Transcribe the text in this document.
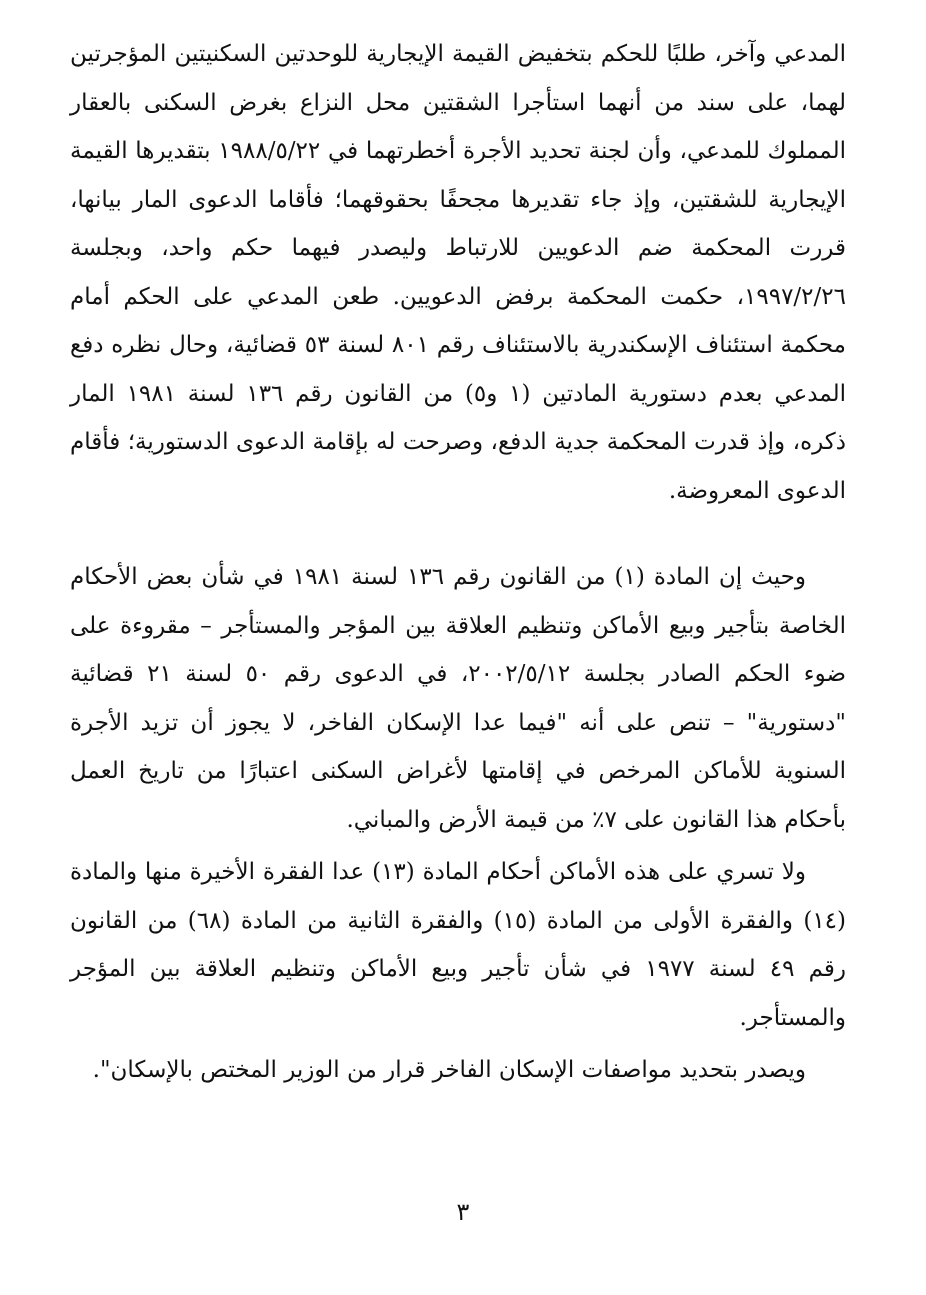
المدعي وآخر، طلبًا للحكم بتخفيض القيمة الإيجارية للوحدتين السكنيتين المؤجرتين لهما، على سند من أنهما استأجرا الشقتين محل النزاع بغرض السكنى بالعقار المملوك للمدعي، وأن لجنة تحديد الأجرة أخطرتهما في ١٩٨٨/٥/٢٢ بتقديرها القيمة الإيجارية للشقتين، وإذ جاء تقديرها مجحفًا بحقوقهما؛ فأقاما الدعوى المار بيانها، قررت المحكمة ضم الدعويين للارتباط وليصدر فيهما حكم واحد، وبجلسة ١٩٩٧/٢/٢٦، حكمت المحكمة برفض الدعويين. طعن المدعي على الحكم أمام محكمة استئناف الإسكندرية بالاستئناف رقم ٨٠١ لسنة ٥٣ قضائية، وحال نظره دفع المدعي بعدم دستورية المادتين (١ و٥) من القانون رقم ١٣٦ لسنة ١٩٨١ المار ذكره، وإذ قدرت المحكمة جدية الدفع، وصرحت له بإقامة الدعوى الدستورية؛ فأقام الدعوى المعروضة.

وحيث إن المادة (١) من القانون رقم ١٣٦ لسنة ١٩٨١ في شأن بعض الأحكام الخاصة بتأجير وبيع الأماكن وتنظيم العلاقة بين المؤجر والمستأجر – مقروءة على ضوء الحكم الصادر بجلسة ٢٠٠٢/٥/١٢، في الدعوى رقم ٥٠ لسنة ٢١ قضائية "دستورية" – تنص على أنه "فيما عدا الإسكان الفاخر، لا يجوز أن تزيد الأجرة السنوية للأماكن المرخص في إقامتها لأغراض السكنى اعتبارًا من تاريخ العمل بأحكام هذا القانون على ٧٪ من قيمة الأرض والمباني.

ولا تسري على هذه الأماكن أحكام المادة (١٣) عدا الفقرة الأخيرة منها والمادة (١٤) والفقرة الأولى من المادة (١٥) والفقرة الثانية من المادة (٦٨) من القانون رقم ٤٩ لسنة ١٩٧٧ في شأن تأجير وبيع الأماكن وتنظيم العلاقة بين المؤجر والمستأجر.

ويصدر بتحديد مواصفات الإسكان الفاخر قرار من الوزير المختص بالإسكان".

٣
